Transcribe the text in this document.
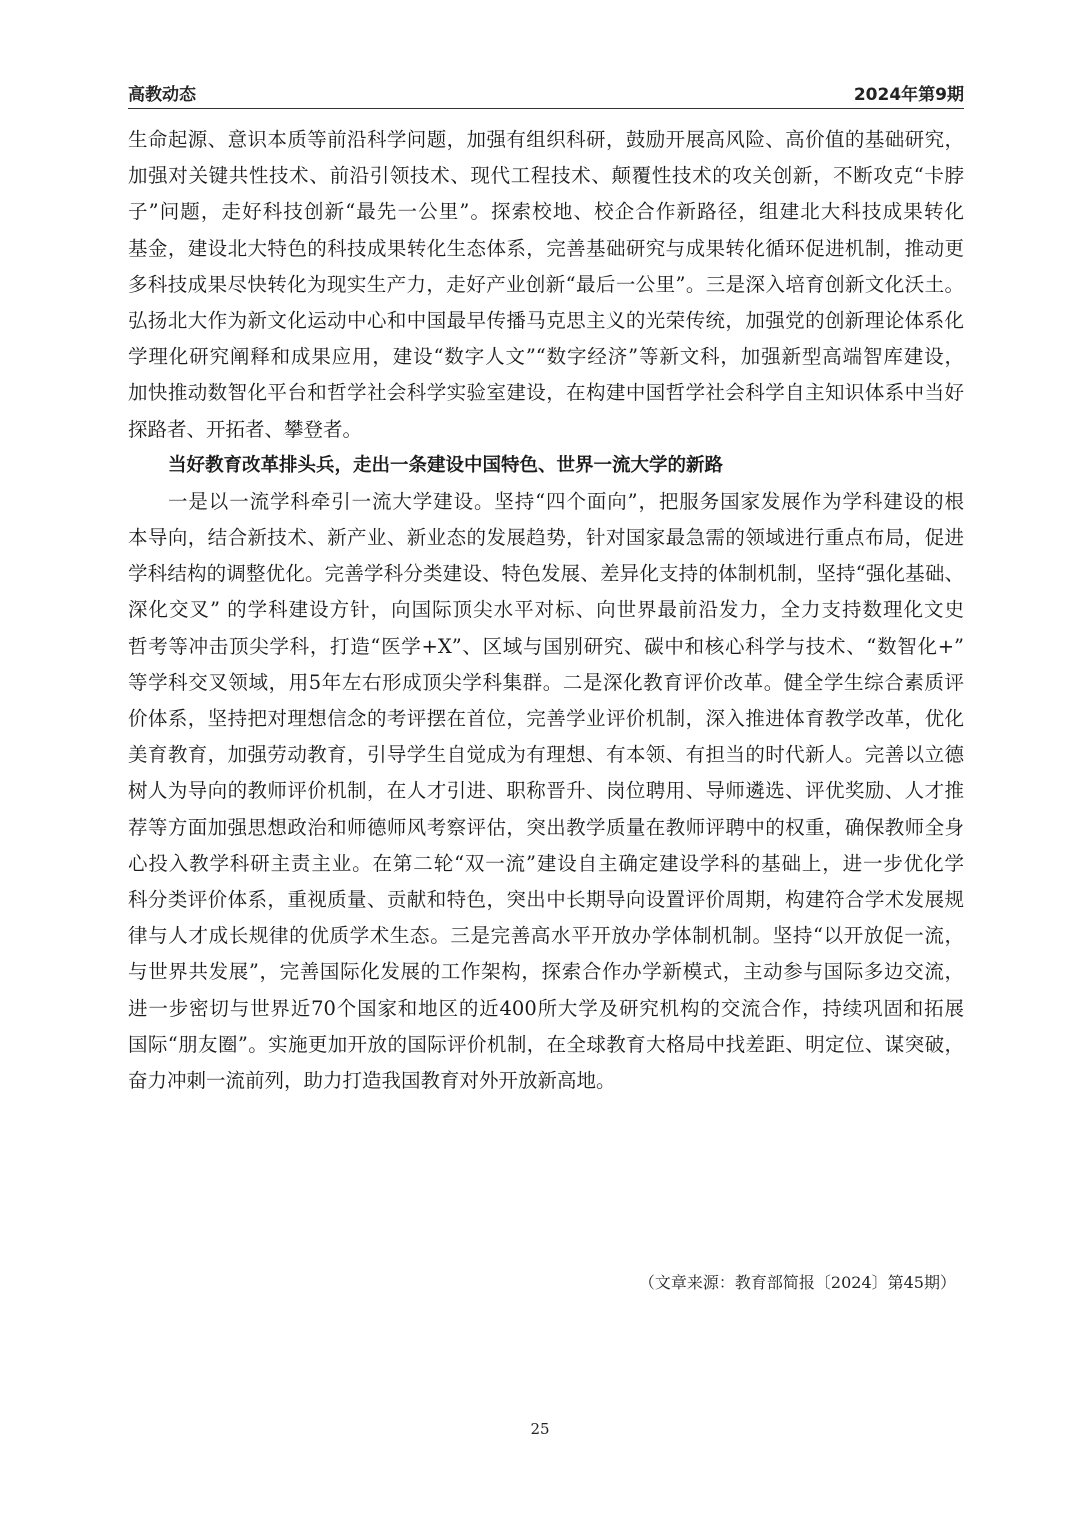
高教动态	2024年第9期
生命起源、意识本质等前沿科学问题，加强有组织科研，鼓励开展高风险、高价值的基础研究，
加强对关键共性技术、前沿引领技术、现代工程技术、颠覆性技术的攻关创新，不断攻克“卡脖
子”问题，走好科技创新“最先一公里”。探索校地、校企合作新路径，组建北大科技成果转化
基金，建设北大特色的科技成果转化生态体系，完善基础研究与成果转化循环促进机制，推动更
多科技成果尽快转化为现实生产力，走好产业创新“最后一公里”。三是深入培育创新文化沃土。
弘扬北大作为新文化运动中心和中国最早传播马克思主义的光荣传统，加强党的创新理论体系化
学理化研究阐释和成果应用，建设“数字人文”“数字经济”等新文科，加强新型高端智库建设，
加快推动数智化平台和哲学社会科学实验室建设，在构建中国哲学社会科学自主知识体系中当好
探路者、开拓者、攀登者。
当好教育改革排头兵，走出一条建设中国特色、世界一流大学的新路
一是以一流学科牵引一流大学建设。坚持“四个面向”，把服务国家发展作为学科建设的根
本导向，结合新技术、新产业、新业态的发展趋势，针对国家最急需的领域进行重点布局，促进
学科结构的调整优化。完善学科分类建设、特色发展、差异化支持的体制机制，坚持“强化基础、
深化交叉” 的学科建设方针，向国际顶尖水平对标、向世界最前沿发力，全力支持数理化文史
哲考等冲击顶尖学科，打造“医学+X”、区域与国别研究、碳中和核心科学与技术、“数智化+”
等学科交叉领域，用5年左右形成顶尖学科集群。二是深化教育评价改革。健全学生综合素质评
价体系，坚持把对理想信念的考评摆在首位，完善学业评价机制，深入推进体育教学改革，优化
美育教育，加强劳动教育，引导学生自觉成为有理想、有本领、有担当的时代新人。完善以立德
树人为导向的教师评价机制，在人才引进、职称晋升、岗位聘用、导师遴选、评优奖励、人才推
荐等方面加强思想政治和师德师风考察评估，突出教学质量在教师评聘中的权重，确保教师全身
心投入教学科研主责主业。在第二轮“双一流”建设自主确定建设学科的基础上，进一步优化学
科分类评价体系，重视质量、贡献和特色，突出中长期导向设置评价周期，构建符合学术发展规
律与人才成长规律的优质学术生态。三是完善高水平开放办学体制机制。坚持“以开放促一流，
与世界共发展”，完善国际化发展的工作架构，探索合作办学新模式，主动参与国际多边交流，
进一步密切与世界近70个国家和地区的近400所大学及研究机构的交流合作，持续巩固和拓展
国际“朋友圈”。实施更加开放的国际评价机制，在全球教育大格局中找差距、明定位、谋突破，
奋力冲刺一流前列，助力打造我国教育对外开放新高地。
（文章来源：教育部简报〔2024〕第45期）
25
